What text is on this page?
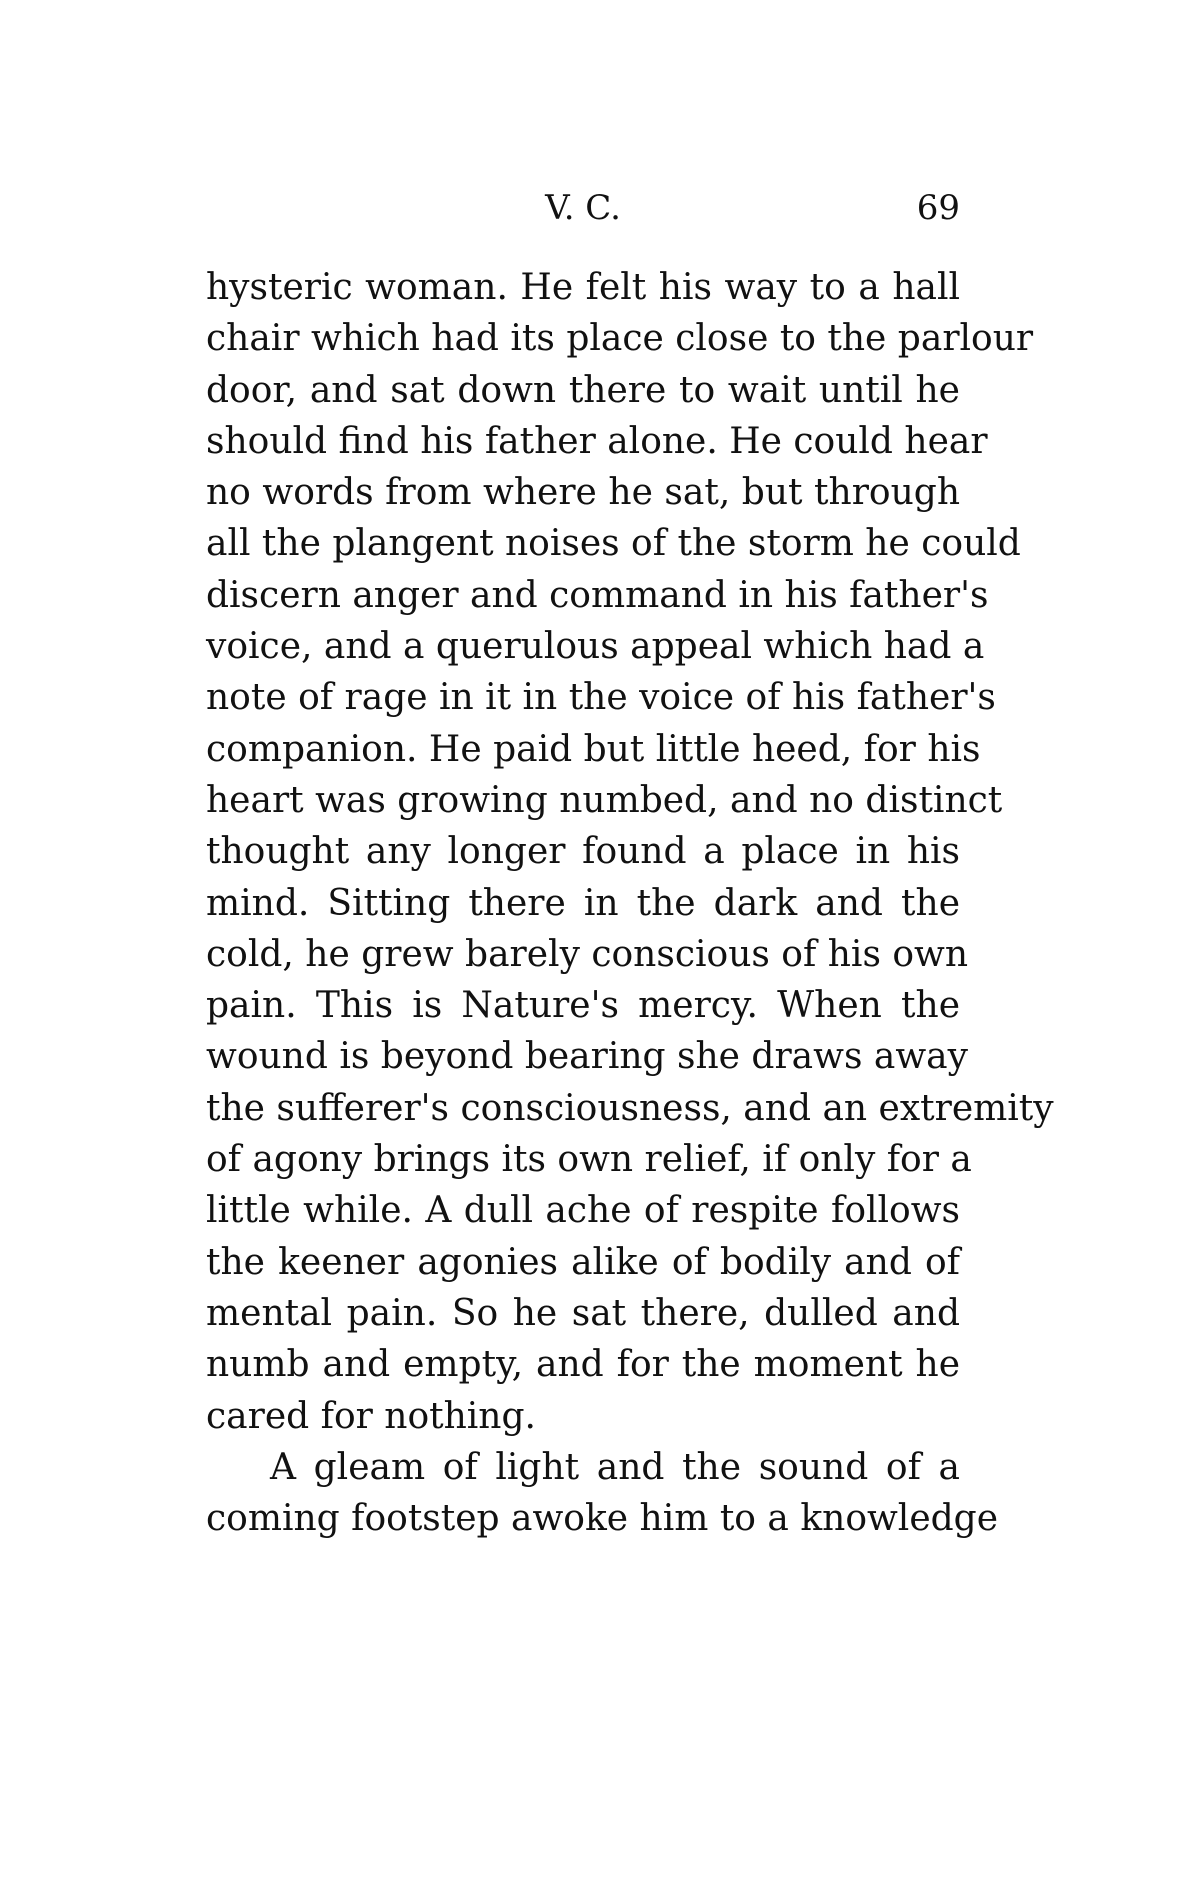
V. C.	69
hysteric woman. He felt his way to a hall
chair which had its place close to the parlour
door, and sat down there to wait until he
should find his father alone. He could hear
no words from where he sat, but through
all the plangent noises of the storm he could
discern anger and command in his father's
voice, and a querulous appeal which had a
note of rage in it in the voice of his father's
companion. He paid but little heed, for his
heart was growing numbed, and no distinct
thought any longer found a place in his
mind. Sitting there in the dark and the
cold, he grew barely conscious of his own
pain. This is Nature's mercy. When the
wound is beyond bearing she draws away
the sufferer's consciousness, and an extremity
of agony brings its own relief, if only for a
little while. A dull ache of respite follows
the keener agonies alike of bodily and of
mental pain. So he sat there, dulled and
numb and empty, and for the moment he
cared for nothing.
A gleam of light and the sound of a
coming footstep awoke him to a knowledge
